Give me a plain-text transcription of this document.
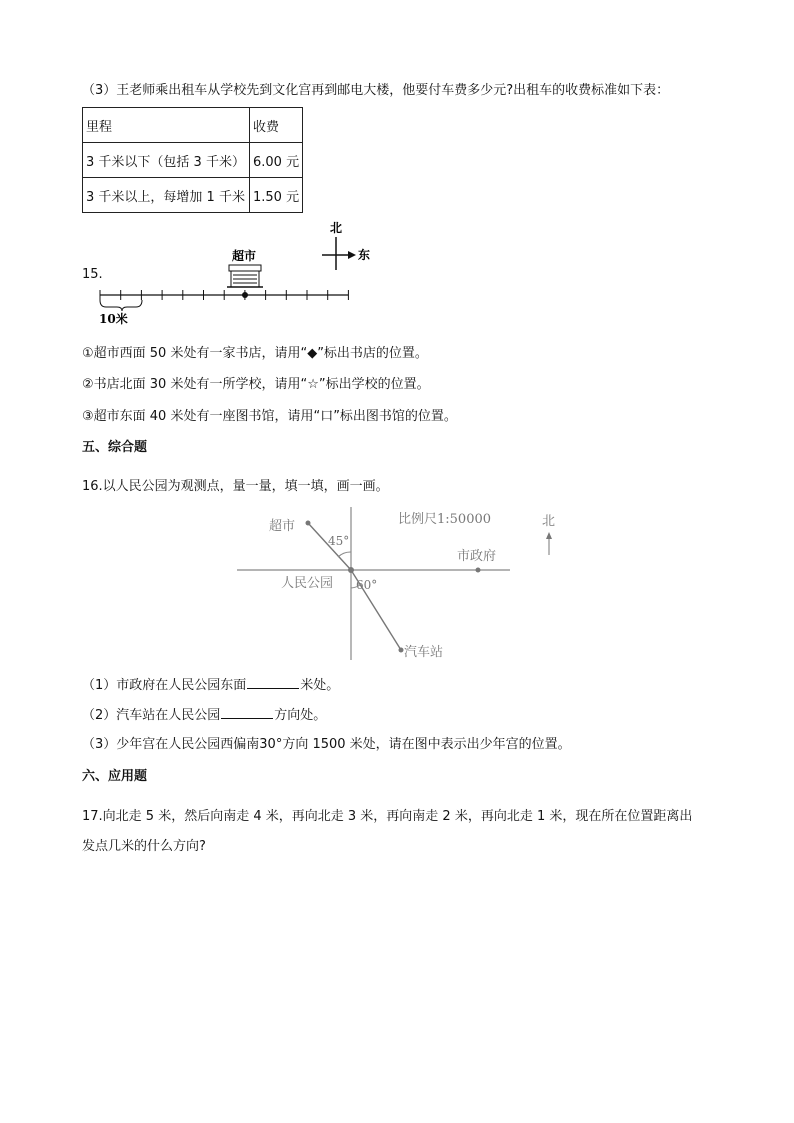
（3）王老师乘出租车从学校先到文化宫再到邮电大楼，他要付车费多少元?出租车的收费标准如下表：
里程	收费
3 千米以下（包括 3 千米）	6.00 元
3 千米以上，每增加 1 千米	1.50 元
15.
北
东
超市
10米
①超市西面 50 米处有一家书店，请用“◆”标出书店的位置。
②书店北面 30 米处有一所学校，请用“☆”标出学校的位置。
③超市东面 40 米处有一座图书馆，请用“口”标出图书馆的位置。
五、综合题
16.以人民公园为观测点，量一量，填一填，画一画。
超市
45°
比例尺1:50000	北
市政府
人民公园 60°
汽车站
（1）市政府在人民公园东面	米处。
（2）汽车站在人民公园	方向处。
（3）少年宫在人民公园西偏南30°方向 1500 米处，请在图中表示出少年宫的位置。
六、应用题
17.向北走 5 米，然后向南走 4 米，再向北走 3 米，再向南走 2 米，再向北走 1 米，现在所在位置距离出
发点几米的什么方向?
